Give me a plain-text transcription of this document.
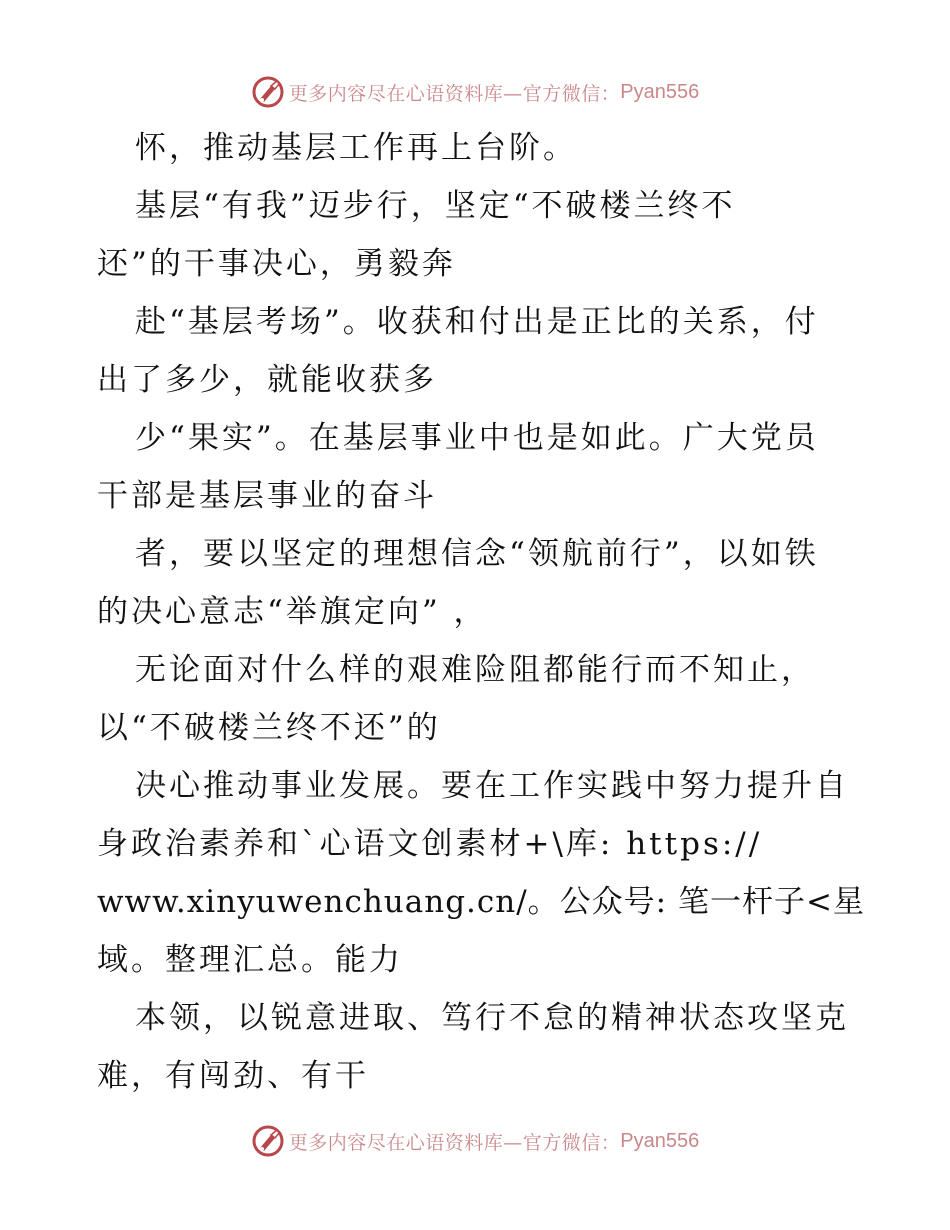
更多内容尽在心语资料库—官方微信： Pyan556
怀，推动基层工作再上台阶。
基层“有我”迈步行，坚定“不破楼兰终不
还”的干事决心，勇毅奔
赴“基层考场”。收获和付出是正比的关系，付
出了多少，就能收获多
少“果实”。在基层事业中也是如此。广大党员
干部是基层事业的奋斗
者，要以坚定的理想信念“领航前行”，以如铁
的决心意志“举旗定向” ，
无论面对什么样的艰难险阻都能行而不知止，
以“不破楼兰终不还”的
决心推动事业发展。要在工作实践中努力提升自
身政治素养和`心语文创素材+\库: https://
www.xinyuwenchuang.cn/。公众号: 笔一杆子<星
域。整理汇总。能力
本领，以锐意进取、笃行不怠的精神状态攻坚克
难，有闯劲、有干
更多内容尽在心语资料库—官方微信： Pyan556
